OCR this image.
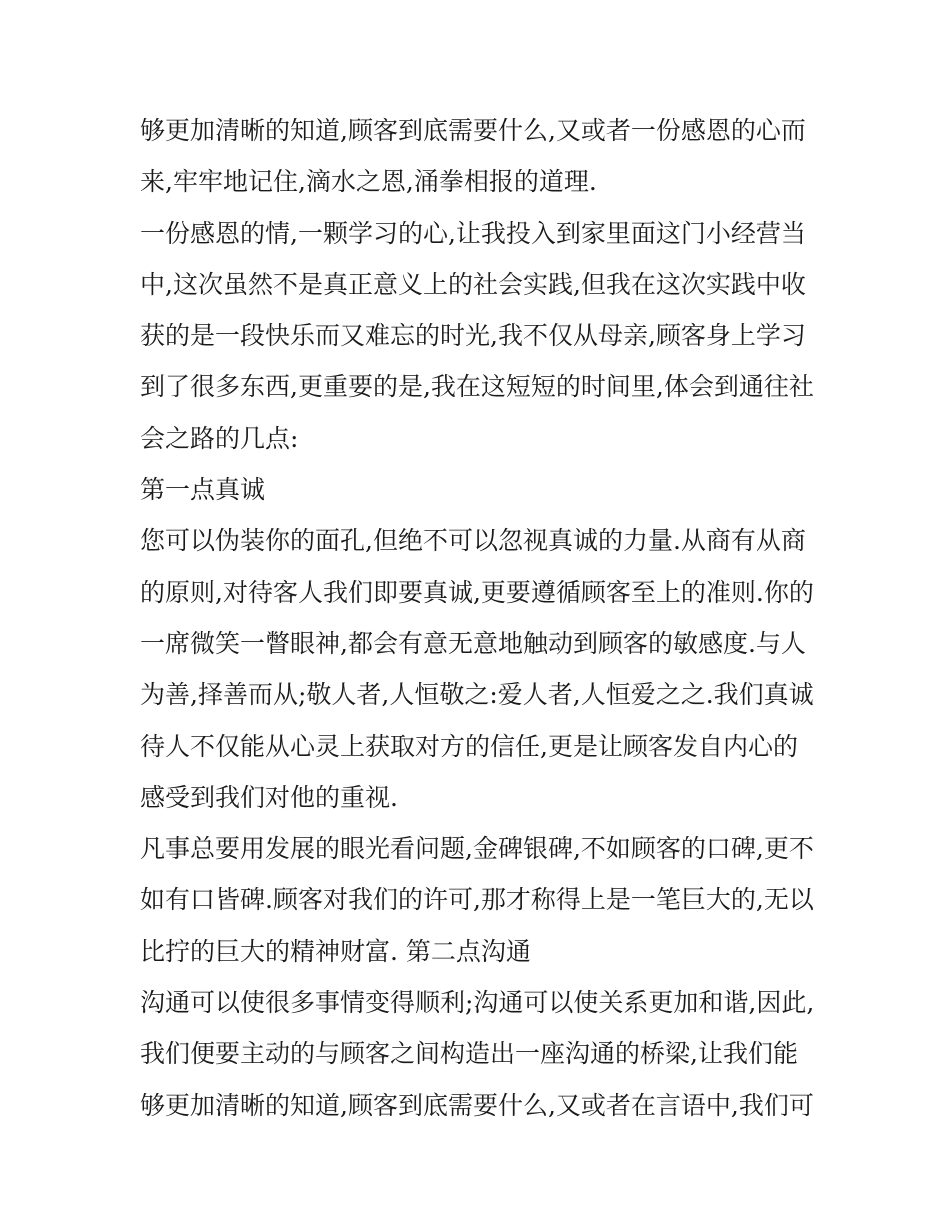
够更加清晰的知道,顾客到底需要什么,又或者一份感恩的心而
来,牢牢地记住,滴水之恩,涌拳相报的道理.
一份感恩的情,一颗学习的心,让我投入到家里面这门小经营当
中,这次虽然不是真正意义上的社会实践,但我在这次实践中收
获的是一段快乐而又难忘的时光,我不仅从母亲,顾客身上学习
到了很多东西,更重要的是,我在这短短的时间里,体会到通往社
会之路的几点:
第一点真诚
您可以伪装你的面孔,但绝不可以忽视真诚的力量.从商有从商
的原则,对待客人我们即要真诚,更要遵循顾客至上的准则.你的
一席微笑一瞥眼神,都会有意无意地触动到顾客的敏感度.与人
为善,择善而从;敬人者,人恒敬之:爱人者,人恒爱之之.我们真诚
待人不仅能从心灵上获取对方的信任,更是让顾客发自内心的
感受到我们对他的重视.
凡事总要用发展的眼光看问题,金碑银碑,不如顾客的口碑,更不
如有口皆碑.顾客对我们的许可,那才称得上是一笔巨大的,无以
比拧的巨大的精神财富. 第二点沟通
沟通可以使很多事情变得顺利;沟通可以使关系更加和谐,因此,
我们便要主动的与顾客之间构造出一座沟通的桥梁,让我们能
够更加清晰的知道,顾客到底需要什么,又或者在言语中,我们可
